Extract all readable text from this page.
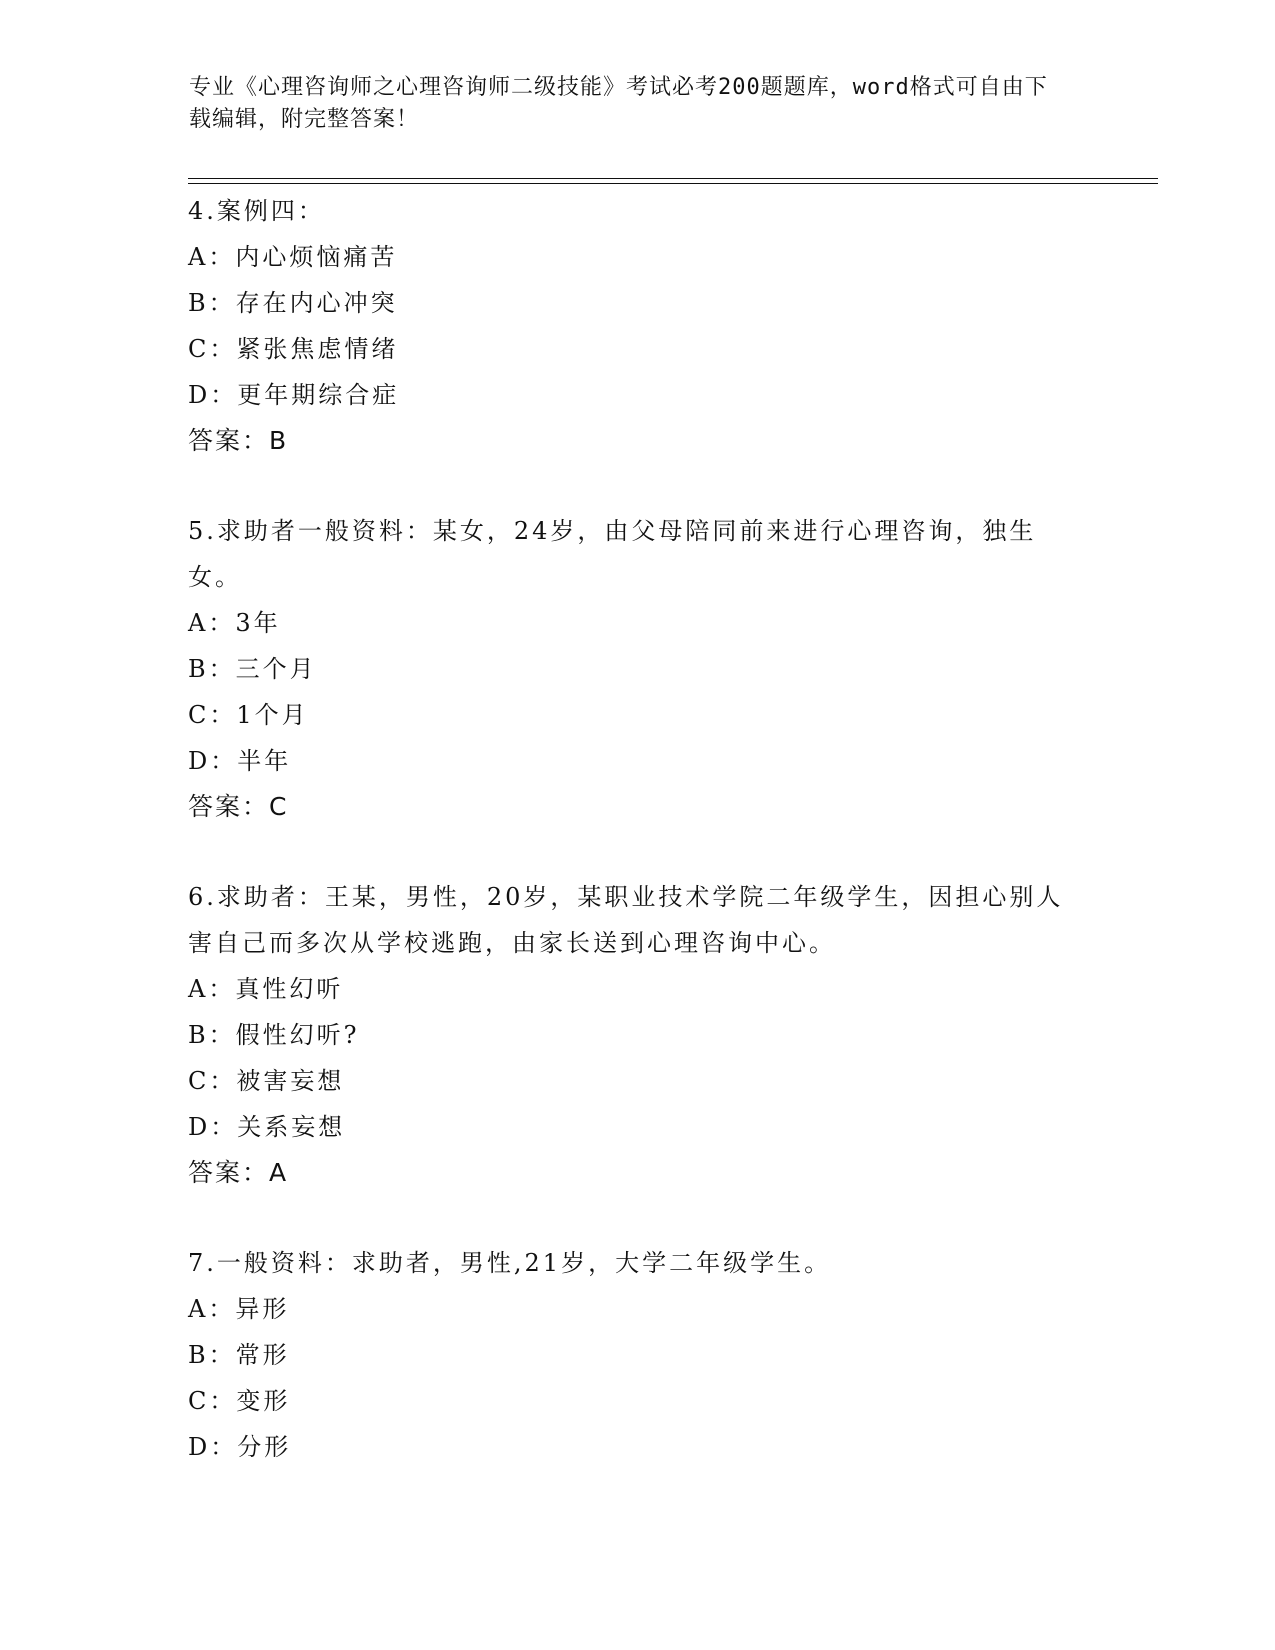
专业《心理咨询师之心理咨询师二级技能》考试必考200题题库，word格式可自由下载编辑，附完整答案！

4.案例四：

A：内心烦恼痛苦

B：存在内心冲突

C：紧张焦虑情绪

D：更年期综合症

答案：B

5.求助者一般资料：某女，24岁，由父母陪同前来进行心理咨询，独生女。

A：3年

B：三个月

C：1个月

D：半年

答案：C

6.求助者：王某，男性，20岁，某职业技术学院二年级学生，因担心别人害自己而多次从学校逃跑，由家长送到心理咨询中心。

A：真性幻听

B：假性幻听?

C：被害妄想

D：关系妄想

答案：A

7.一般资料：求助者，男性,21岁，大学二年级学生。

A：异形

B：常形

C：变形

D：分形
